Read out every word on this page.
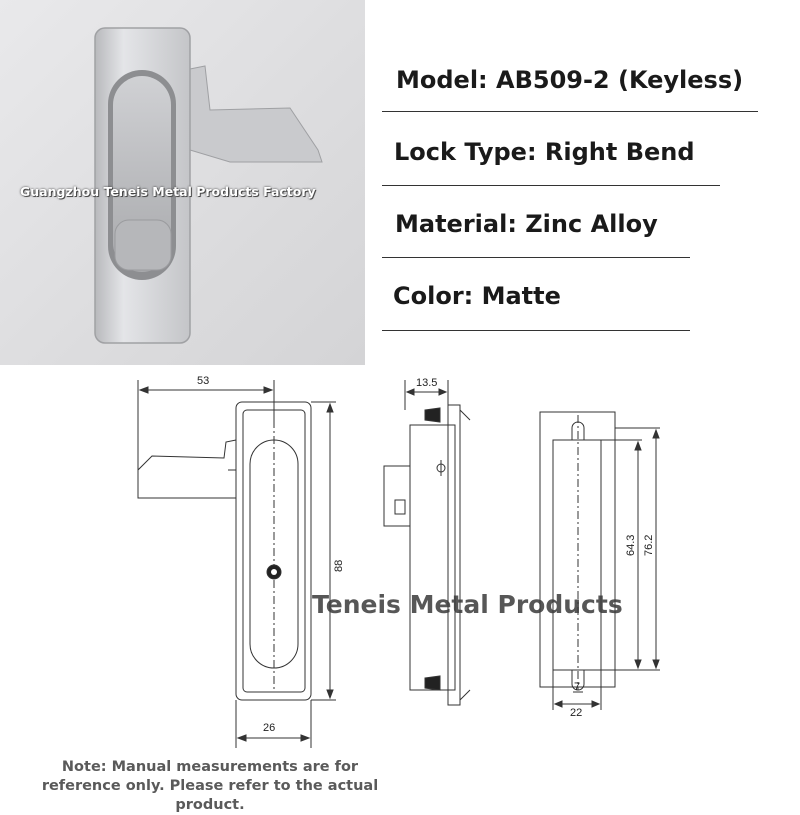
Guangzhou Teneis Metal Products Factory
Model: AB509-2 (Keyless)
Lock Type: Right Bend
Material: Zinc Alloy
Color: Matte
53
26
88
13.5
64.3 76.2
22
7
Teneis Metal Products
Note: Manual measurements are for reference only. Please refer to the actual product.
